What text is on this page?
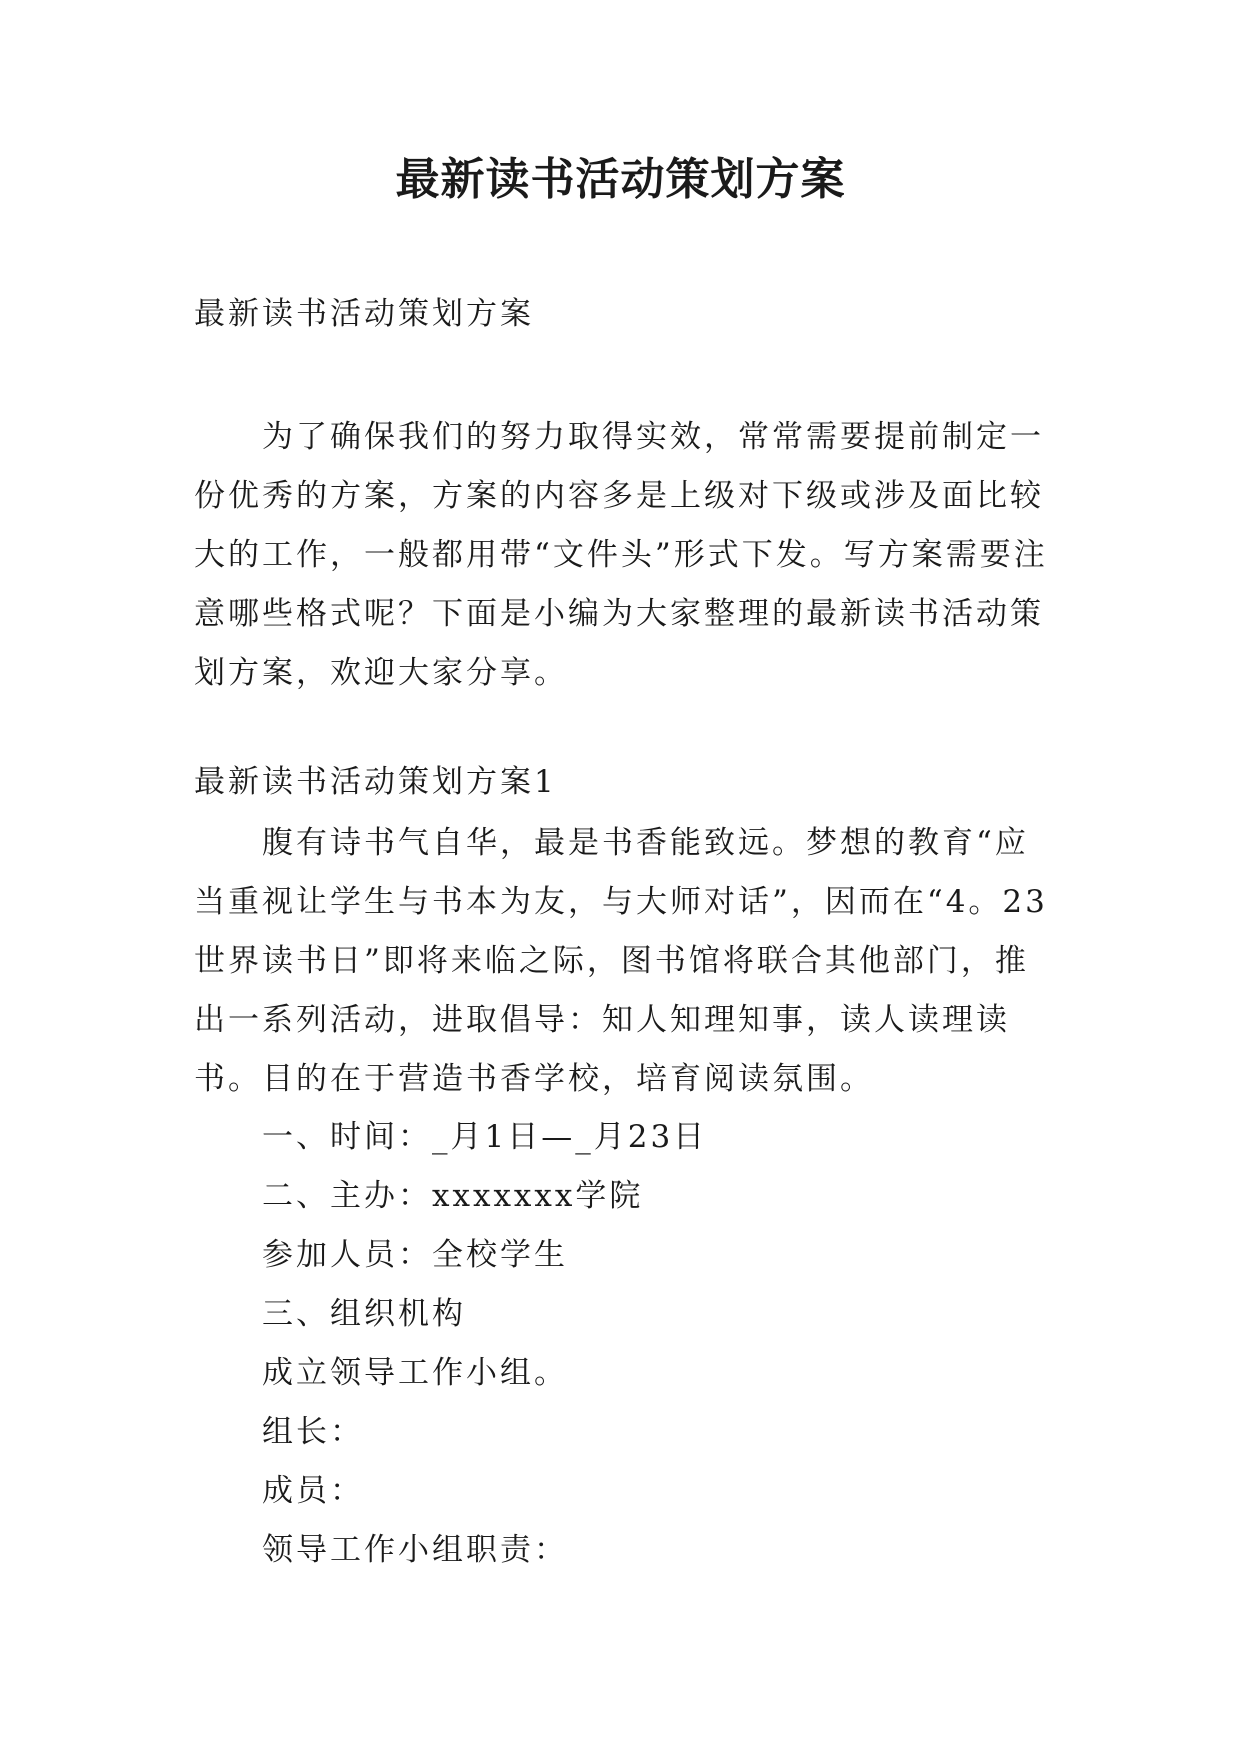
最新读书活动策划方案

最新读书活动策划方案

为了确保我们的努力取得实效，常常需要提前制定一份优秀的方案，方案的内容多是上级对下级或涉及面比较大的工作，一般都用带“文件头”形式下发。写方案需要注意哪些格式呢？下面是小编为大家整理的最新读书活动策划方案，欢迎大家分享。

最新读书活动策划方案1

腹有诗书气自华，最是书香能致远。梦想的教育“应当重视让学生与书本为友，与大师对话”，因而在“4。23世界读书日”即将来临之际，图书馆将联合其他部门，推出一系列活动，进取倡导：知人知理知事，读人读理读书。目的在于营造书香学校，培育阅读氛围。

一、时间：_月1日—_月23日
二、主办：xxxxxxx学院
参加人员：全校学生
三、组织机构
成立领导工作小组。
组长：
成员：
领导工作小组职责：
